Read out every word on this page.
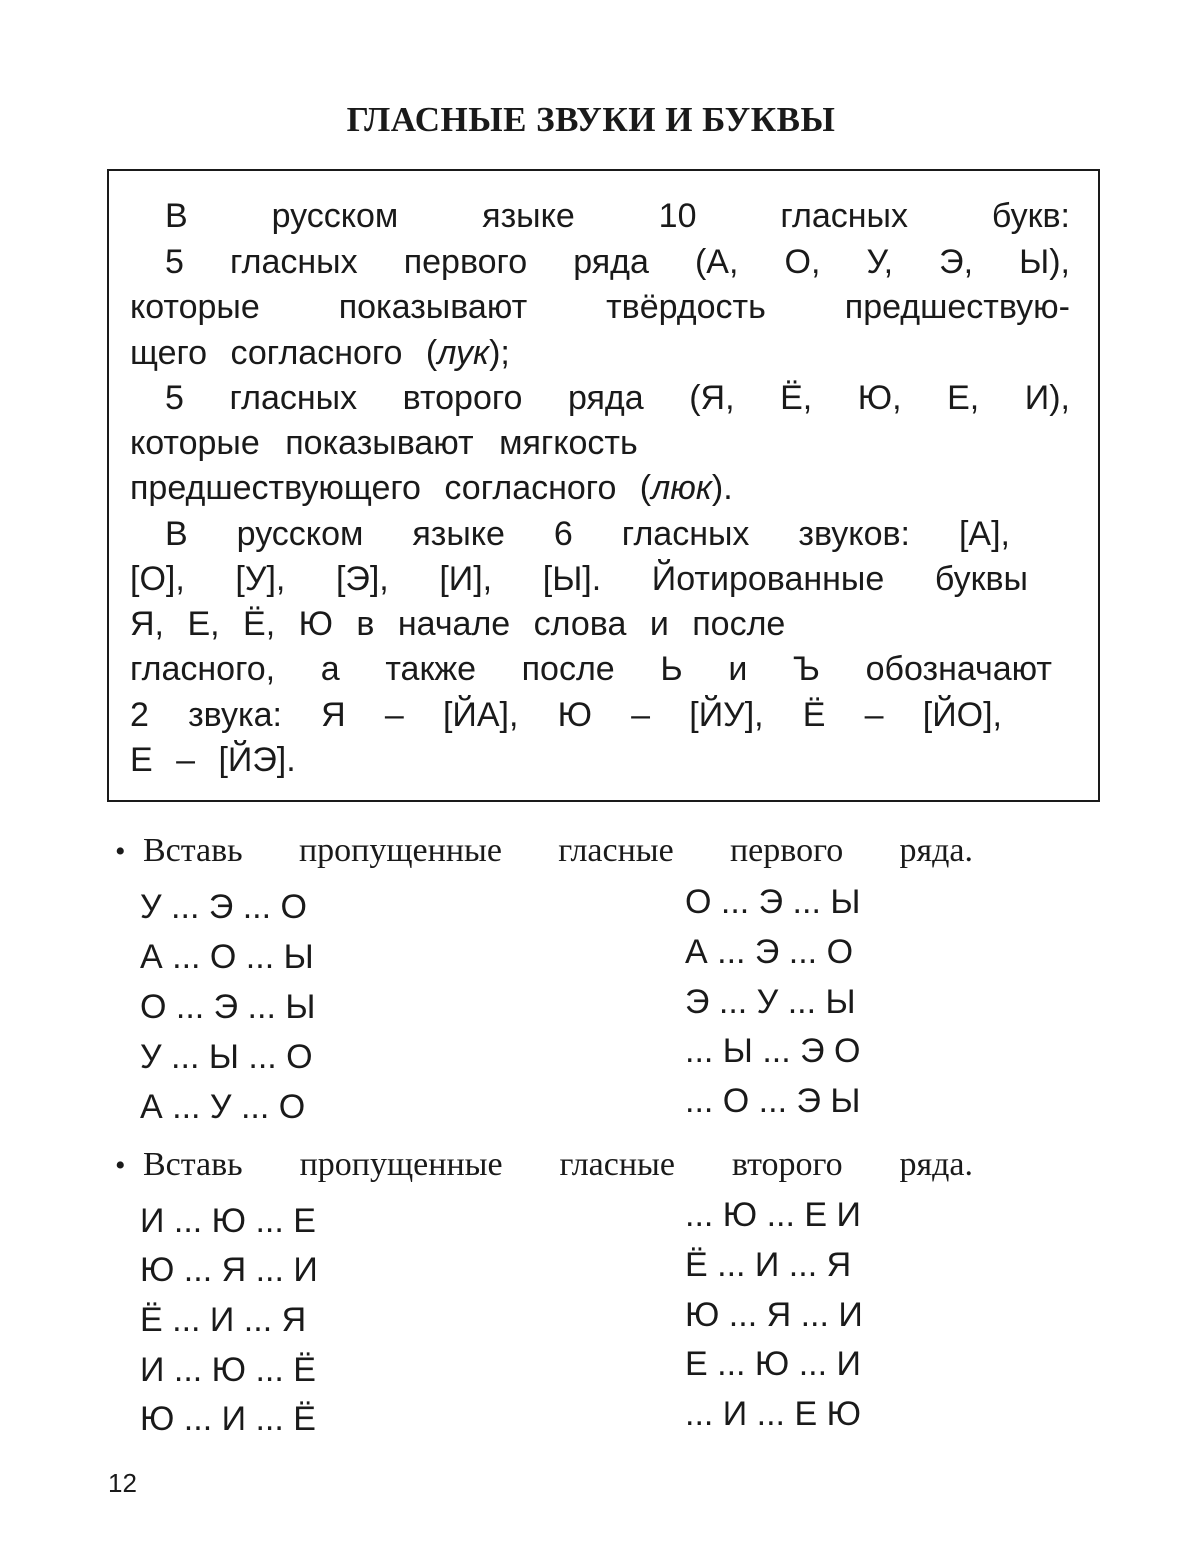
ГЛАСНЫЕ ЗВУКИ И БУКВЫ
В русском языке 10 гласных букв:
5 гласных первого ряда (А, О, У, Э, Ы),
которые показывают твёрдость предшествую-
щего согласного (лук);
5 гласных второго ряда (Я, Ё, Ю, Е, И),
которые показывают мягкость
предшествующего согласного (люк).
В русском языке 6 гласных звуков: [А],
[О], [У], [Э], [И], [Ы]. Йотированные буквы
Я, Е, Ё, Ю в начале слова и после
гласного, а также после Ь и Ъ обозначают
2 звука: Я – [ЙА], Ю – [ЙУ], Ё – [ЙО],
Е – [ЙЭ].
• Вставь пропущенные гласные первого ряда.
У ... Э ... О
А ... О ... Ы
О ... Э ... Ы
У ... Ы ... О
А ... У ... О
О ... Э ... Ы
А ... Э ... О
Э ... У ... Ы
... Ы ... Э О
... О ... Э Ы
• Вставь пропущенные гласные второго ряда.
И ... Ю ... Е
Ю ... Я ... И
Ё ... И ... Я
И ... Ю ... Ё
Ю ... И ... Ё
... Ю ... Е И
Ё ... И ... Я
Ю ... Я ... И
Е ... Ю ... И
... И ... Е Ю
12
